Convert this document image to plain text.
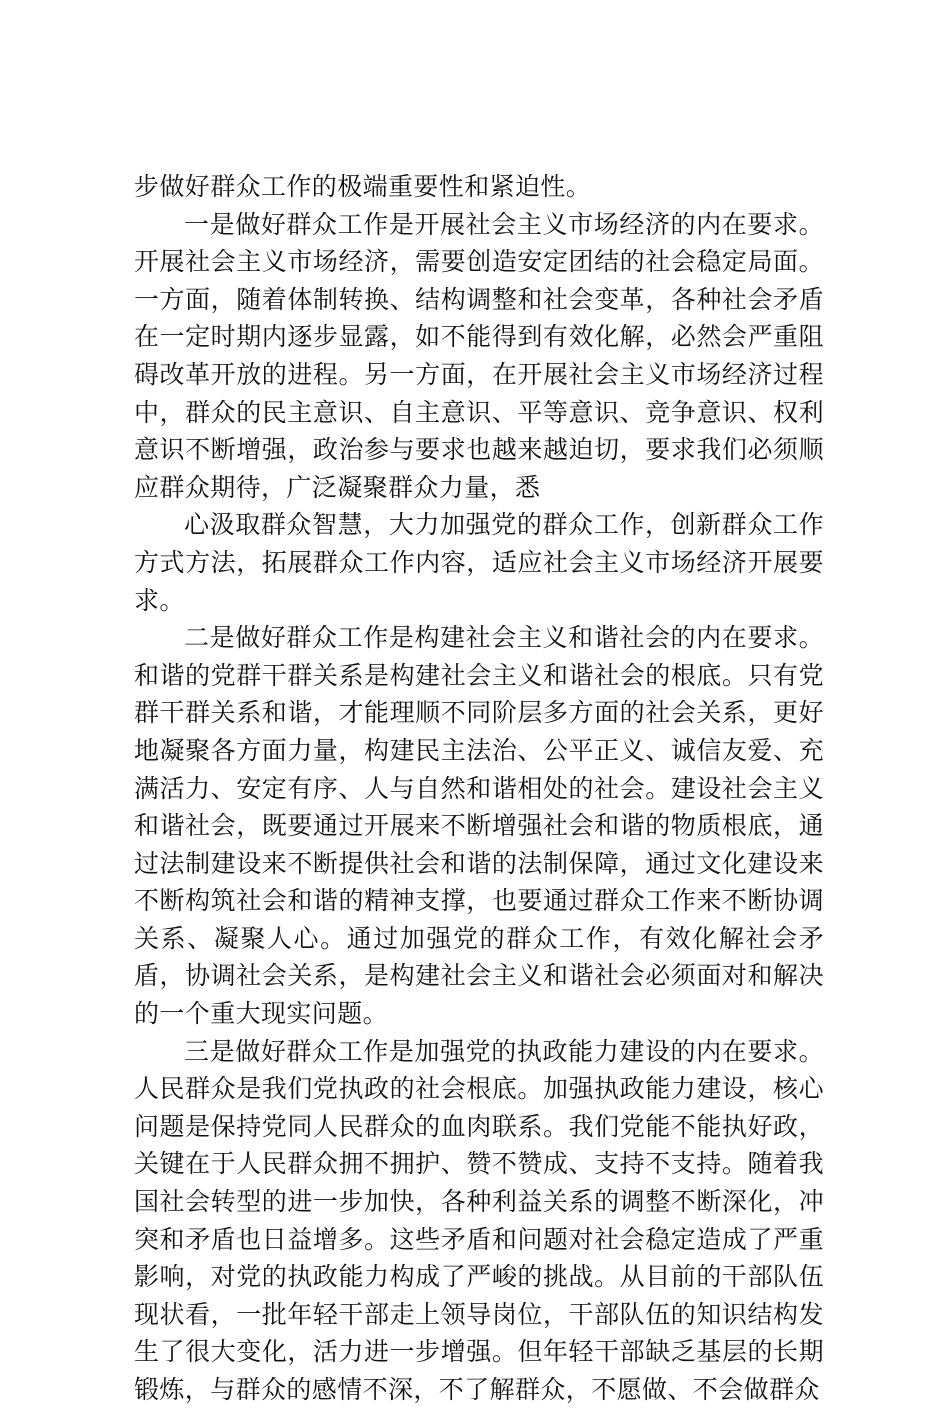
步做好群众工作的极端重要性和紧迫性。

一是做好群众工作是开展社会主义市场经济的内在要求。开展社会主义市场经济，需要创造安定团结的社会稳定局面。一方面，随着体制转换、结构调整和社会变革，各种社会矛盾在一定时期内逐步显露，如不能得到有效化解，必然会严重阻碍改革开放的进程。另一方面，在开展社会主义市场经济过程中，群众的民主意识、自主意识、平等意识、竞争意识、权利意识不断增强，政治参与要求也越来越迫切，要求我们必须顺应群众期待，广泛凝聚群众力量，悉

心汲取群众智慧，大力加强党的群众工作，创新群众工作方式方法，拓展群众工作内容，适应社会主义市场经济开展要求。

二是做好群众工作是构建社会主义和谐社会的内在要求。和谐的党群干群关系是构建社会主义和谐社会的根底。只有党群干群关系和谐，才能理顺不同阶层多方面的社会关系，更好地凝聚各方面力量，构建民主法治、公平正义、诚信友爱、充满活力、安定有序、人与自然和谐相处的社会。建设社会主义和谐社会，既要通过开展来不断增强社会和谐的物质根底，通过法制建设来不断提供社会和谐的法制保障，通过文化建设来不断构筑社会和谐的精神支撑，也要通过群众工作来不断协调关系、凝聚人心。通过加强党的群众工作，有效化解社会矛盾，协调社会关系，是构建社会主义和谐社会必须面对和解决的一个重大现实问题。

三是做好群众工作是加强党的执政能力建设的内在要求。人民群众是我们党执政的社会根底。加强执政能力建设，核心问题是保持党同人民群众的血肉联系。我们党能不能执好政，关键在于人民群众拥不拥护、赞不赞成、支持不支持。随着我国社会转型的进一步加快，各种利益关系的调整不断深化，冲突和矛盾也日益增多。这些矛盾和问题对社会稳定造成了严重影响，对党的执政能力构成了严峻的挑战。从目前的干部队伍现状看，一批年轻干部走上领导岗位，干部队伍的知识结构发生了很大变化，活力进一步增强。但年轻干部缺乏基层的长期锻炼，与群众的感情不深，不了解群众，不愿做、不会做群众
